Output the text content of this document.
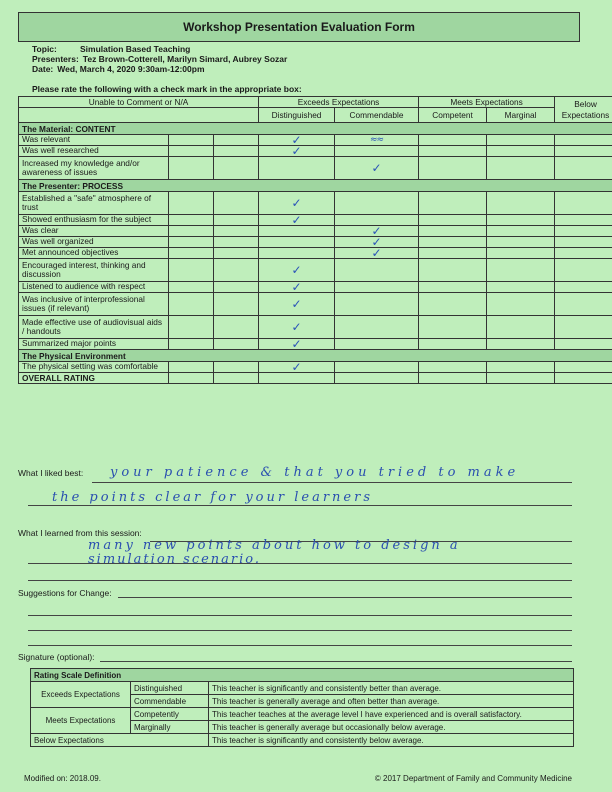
Workshop Presentation Evaluation Form
Topic:	Simulation Based Teaching
Presenters: Tez Brown-Cotterell, Marilyn Simard, Aubrey Sozar
Date: Wed, March 4, 2020 9:30am-12:00pm
Please rate the following with a check mark in the appropriate box:
Unable to Comment or N/A			Exceeds Expectations		Meets Expectations		Below Expectations
			Distinguished	Commendable	Competent	Marginal	
The Material: CONTENT							
Was relevant			✓	≈≈			

Was well researched			✓				

Increased my knowledge and/or awareness of issues				✓			

The Presenter: PROCESS							
Established a "safe" atmosphere of trust			✓				

Showed enthusiasm for the subject			✓				

Was clear				✓			

Was well organized				✓			

Met announced objectives				✓			

Encouraged interest, thinking and discussion			✓				

Listened to audience with respect			✓				

Was inclusive of interprofessional issues (if relevant)			✓				

Made effective use of audiovisual aids / handouts			✓				

Summarized major points			✓				

The Physical Environment							
The physical setting was comfortable			✓				

OVERALL RATING							
What I liked best: your patience & that you tried to make
the points clear for your learners
What I learned from this session:
many new points about how to design a
simulation scenario.
Suggestions for Change:
Signature (optional):
Rating Scale Definition		
Exceeds Expectations	Distinguished	This teacher is significantly and consistently better than average.
	Commendable	This teacher is generally average and often better than average.
Meets Expectations	Competently	This teacher teaches at the average level I have experienced and is overall satisfactory.
	Marginally	This teacher is generally average but occasionally below average.
Below Expectations		This teacher is significantly and consistently below average.
Modified on: 2018.09.	© 2017 Department of Family and Community Medicine
